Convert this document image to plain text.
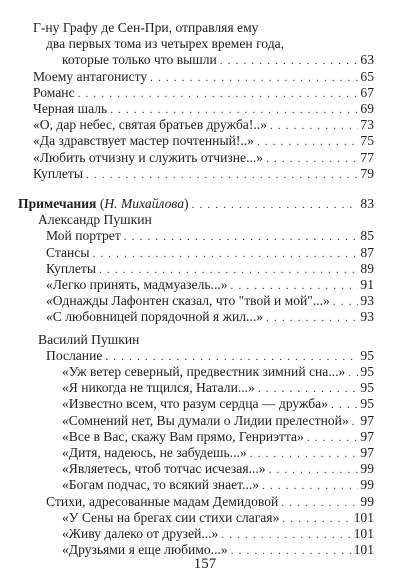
Г-ну Графу де Сен-При, отправляя ему
два первых тома из четырех времен года,
которые только что вышли . . .	63
Моему антагонисту . . .	65
Романс . . .	67
Черная шаль . . .	69
«О, дар небес, святая братьев дружба!..» . . .	73
«Да здравствует мастер почтенный!..» . . .	75
«Любить отчизну и служить отчизне...» . . .	77
Куплеты . . .	79
Примечания (Н. Михайлова) . . .	83
Александр Пушкин
Мой портрет . . .	85
Стансы . . .	87
Куплеты . . .	89
«Легко принять, мадмуазель...» . . .	91
«Однажды Лафонтен сказал, что "твой и мой"...» . . . 93
«С любовницей порядочной я жил...» . . .	93
Василий Пушкин
Послание . . .	95
«Уж ветер северный, предвестник зимний сна...» . . . 95
«Я никогда не тщился, Натали...» . . .	95
«Известно всем, что разум сердца — дружба» . . . 95
«Сомнений нет, Вы думали о Лидии прелестной» . . . 97
«Все в Вас, скажу Вам прямо, Генриэтта» . . .	97
«Дитя, надеюсь, не забудешь...» . . .	97
«Являетесь, чтоб тотчас исчезая...» . . .	99
«Богам подчас, то всякий знает...» . . .	99
Стихи, адресованные мадам Демидовой . . .	99
«У Сены на брегах сии стихи слагая» . . .	101
«Живу далеко от друзей...» . . .	101
«Друзьями я еще любимо...» . . .	101
157
